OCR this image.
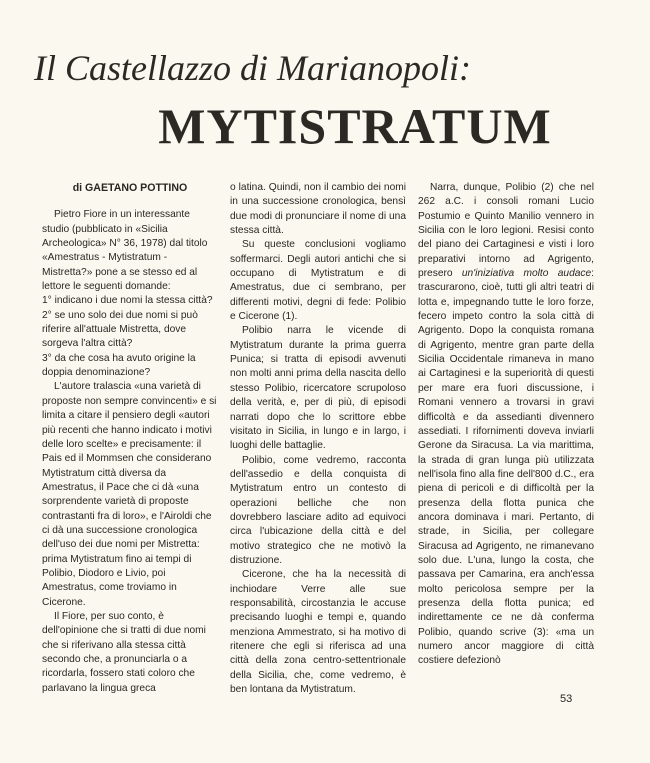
Il Castellazzo di Marianopoli:
MYTISTRATUM

di GAETANO POTTINO

Pietro Fiore in un interessante studio (pubblicato in «Sicilia Archeologica» N° 36, 1978) dal titolo «Amestratus - Mytistratum - Mistretta?» pone a se stesso ed al lettore le seguenti domande:

1° indicano i due nomi la stessa città?

2° se uno solo dei due nomi si può riferire all'attuale Mistretta, dove sorgeva l'altra città?

3° da che cosa ha avuto origine la doppia denominazione?

L'autore tralascia «una varietà di proposte non sempre convincenti» e si limita a citare il pensiero degli «autori più recenti che hanno indicato i motivi delle loro scelte» e precisamente: il Pais ed il Mommsen che considerano Mytistratum città diversa da Amestratus, il Pace che ci dà «una sorprendente varietà di proposte contrastanti fra di loro», e l'Airoldi che ci dà una successione cronologica dell'uso dei due nomi per Mistretta: prima Mytistratum fino ai tempi di Polibio, Diodoro e Livio, poi Amestratus, come troviamo in Cicerone.

Il Fiore, per suo conto, è dell'opinione che si tratti di due nomi che si riferivano alla stessa città secondo che, a pronunciarla o a ricordarla, fossero stati coloro che parlavano la lingua greca

o latina. Quindi, non il cambio dei nomi in una successione cronologica, bensì due modi di pronunciare il nome di una stessa città.

Su queste conclusioni vogliamo soffermarci. Degli autori antichi che si occupano di Mytistratum e di Amestratus, due ci sembrano, per differenti motivi, degni di fede: Polibio e Cicerone (1).

Polibio narra le vicende di Mytistratum durante la prima guerra Punica; si tratta di episodi avvenuti non molti anni prima della nascita dello stesso Polibio, ricercatore scrupoloso della verità, e, per di più, di episodi narrati dopo che lo scrittore ebbe visitato in Sicilia, in lungo e in largo, i luoghi delle battaglie.

Polibio, come vedremo, racconta dell'assedio e della conquista di Mytistratum entro un contesto di operazioni belliche che non dovrebbero lasciare adito ad equivoci circa l'ubicazione della città e del motivo strategico che ne motivò la distruzione.

Cicerone, che ha la necessità di inchiodare Verre alle sue responsabilità, circostanzia le accuse precisando luoghi e tempi e, quando menziona Ammestrato, si ha motivo di ritenere che egli si riferisca ad una città della zona centro-settentrionale della Sicilia, che, come vedremo, è ben lontana da Mytistratum.

Narra, dunque, Polibio (2) che nel 262 a.C. i consoli romani Lucio Postumio e Quinto Manilio vennero in Sicilia con le loro legioni. Resisi conto del piano dei Cartaginesi e visti i loro preparativi intorno ad Agrigento, presero un'iniziativa molto audace: trascurarono, cioè, tutti gli altri teatri di lotta e, impegnando tutte le loro forze, fecero impeto contro la sola città di Agrigento. Dopo la conquista romana di Agrigento, mentre gran parte della Sicilia Occidentale rimaneva in mano ai Cartaginesi e la superiorità di questi per mare era fuori discussione, i Romani vennero a trovarsi in gravi difficoltà e da assedianti divennero assediati. I rifornimenti doveva inviarli Gerone da Siracusa. La via marittima, la strada di gran lunga più utilizzata nell'isola fino alla fine dell'800 d.C., era piena di pericoli e di difficoltà per la presenza della flotta punica che ancora dominava i mari. Pertanto, di strade, in Sicilia, per collegare Siracusa ad Agrigento, ne rimanevano solo due. L'una, lungo la costa, che passava per Camarina, era anch'essa molto pericolosa sempre per la presenza della flotta punica; ed indirettamente ce ne dà conferma Polibio, quando scrive (3): «ma un numero ancor maggiore di città costiere defezionò

53
